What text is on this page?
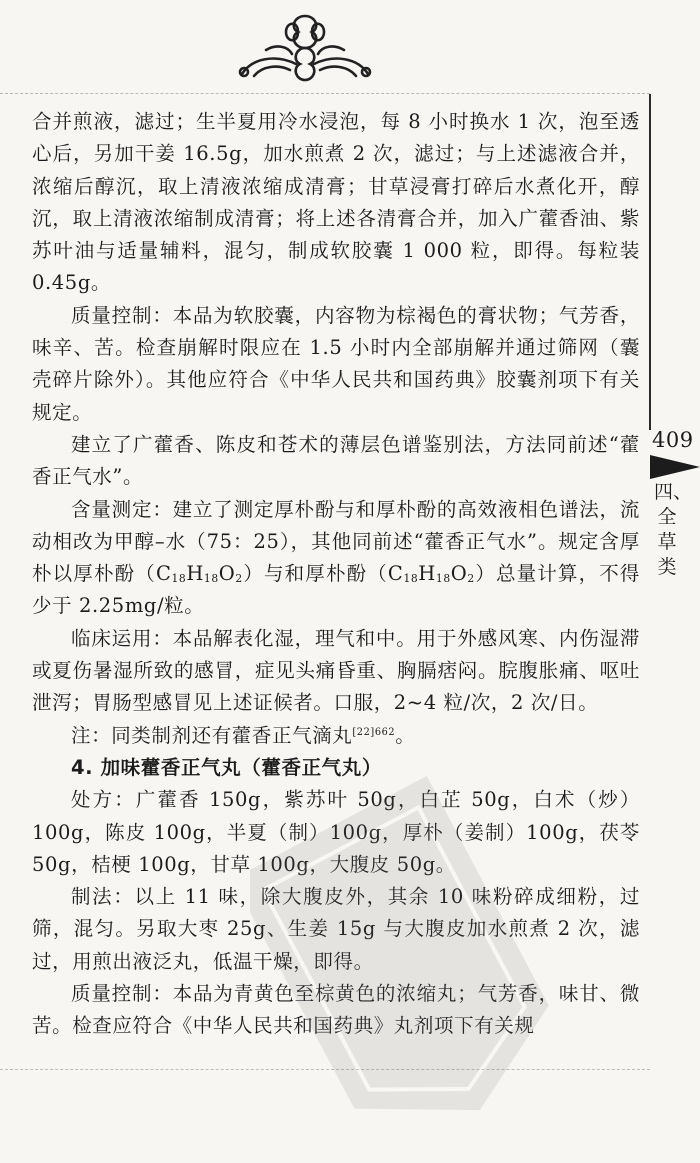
合并煎液，滤过；生半夏用冷水浸泡，每 8 小时换水 1 次，泡至透心后，另加干姜 16.5g，加水煎煮 2 次，滤过；与上述滤液合并，浓缩后醇沉，取上清液浓缩成清膏；甘草浸膏打碎后水煮化开，醇沉，取上清液浓缩制成清膏；将上述各清膏合并，加入广藿香油、紫苏叶油与适量辅料，混匀，制成软胶囊 1 000 粒，即得。每粒装 0.45g。

质量控制：本品为软胶囊，内容物为棕褐色的膏状物；气芳香，味辛、苦。检查崩解时限应在 1.5 小时内全部崩解并通过筛网（囊壳碎片除外）。其他应符合《中华人民共和国药典》胶囊剂项下有关规定。

建立了广藿香、陈皮和苍术的薄层色谱鉴别法，方法同前述“藿香正气水”。

含量测定：建立了测定厚朴酚与和厚朴酚的高效液相色谱法，流动相改为甲醇–水（75：25），其他同前述“藿香正气水”。规定含厚朴以厚朴酚$(C_{18}H_{18}O_2)$与和厚朴酚$(C_{18}H_{18}O_2)$总量计算，不得少于 2.25mg/粒。

临床运用：本品解表化湿，理气和中。用于外感风寒、内伤湿滞或夏伤暑湿所致的感冒，症见头痛昏重、胸膈痞闷。脘腹胀痛、呕吐泄泻；胃肠型感冒见上述证候者。口服，2~4 粒/次，2 次/日。

注：同类制剂还有藿香正气滴丸$^{[22]662}$。

4. 加味藿香正气丸（藿香正气丸）

处方：广藿香 150g，紫苏叶 50g，白芷 50g，白术（炒）100g，陈皮 100g，半夏（制）100g，厚朴（姜制）100g，茯苓 50g，桔梗 100g，甘草 100g，大腹皮 50g。

制法：以上 11 味，除大腹皮外，其余 10 味粉碎成细粉，过筛，混匀。另取大枣 25g、生姜 15g 与大腹皮加水煎煮 2 次，滤过，用煎出液泛丸，低温干燥，即得。

质量控制：本品为青黄色至棕黄色的浓缩丸；气芳香，味甘、微苦。检查应符合《中华人民共和国药典》丸剂项下有关规

409
四、全草类
